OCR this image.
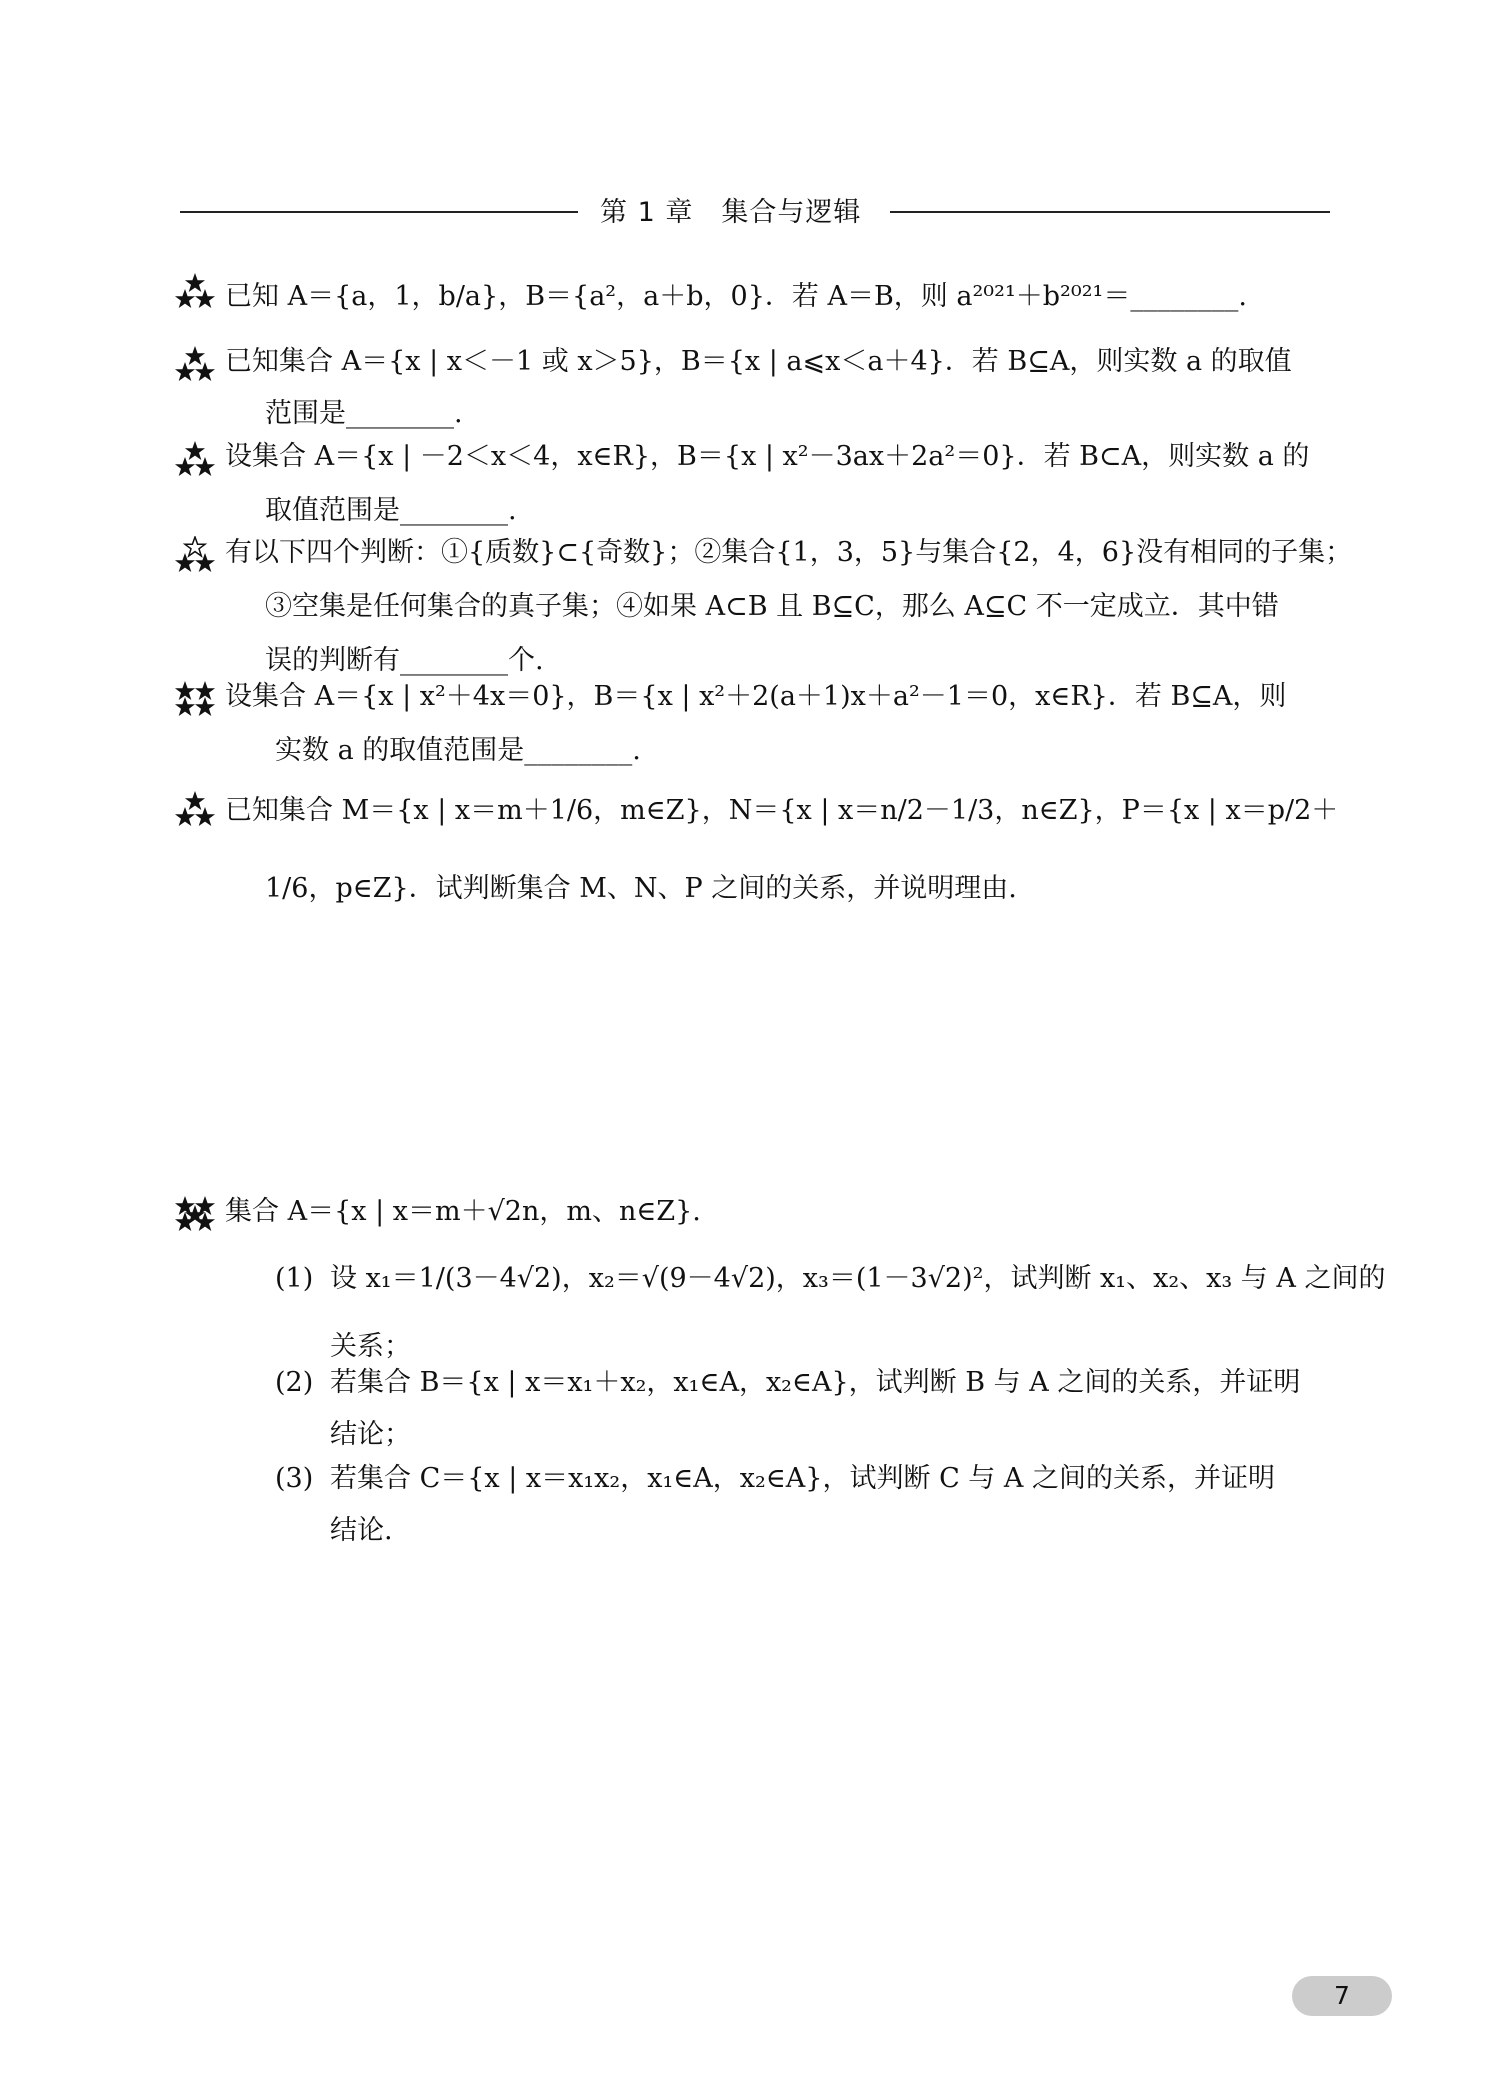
第 1 章　集合与逻辑
已知 A＝{a，1，b/a}，B＝{a²，a＋b，0}．若 A＝B，则 a²⁰²¹＋b²⁰²¹＝________.
已知集合 A＝{x | x＜－1 或 x＞5}，B＝{x | a⩽x＜a＋4}．若 B⊆A，则实数 a 的取值
范围是________.
设集合 A＝{x | －2＜x＜4，x∈R}，B＝{x | x²－3ax＋2a²＝0}．若 B⊂A，则实数 a 的
取值范围是________.
有以下四个判断：①{质数}⊂{奇数}；②集合{1，3，5}与集合{2，4，6}没有相同的子集；
③空集是任何集合的真子集；④如果 A⊂B 且 B⊆C，那么 A⊆C 不一定成立．其中错
误的判断有________个.
设集合 A＝{x | x²＋4x＝0}，B＝{x | x²＋2(a＋1)x＋a²－1＝0，x∈R}．若 B⊆A，则
实数 a 的取值范围是________.
已知集合 M＝{x | x＝m＋1/6，m∈Z}，N＝{x | x＝n/2－1/3，n∈Z}，P＝{x | x＝p/2＋
1/6，p∈Z}．试判断集合 M、N、P 之间的关系，并说明理由.
集合 A＝{x | x＝m＋√2n，m、n∈Z}.
(1) 设 x₁＝1/(3－4√2)，x₂＝√(9－4√2)，x₃＝(1－3√2)²，试判断 x₁、x₂、x₃ 与 A 之间的
关系；
(2) 若集合 B＝{x | x＝x₁＋x₂，x₁∈A，x₂∈A}，试判断 B 与 A 之间的关系，并证明
结论；
(3) 若集合 C＝{x | x＝x₁x₂，x₁∈A，x₂∈A}，试判断 C 与 A 之间的关系，并证明
结论.
7
